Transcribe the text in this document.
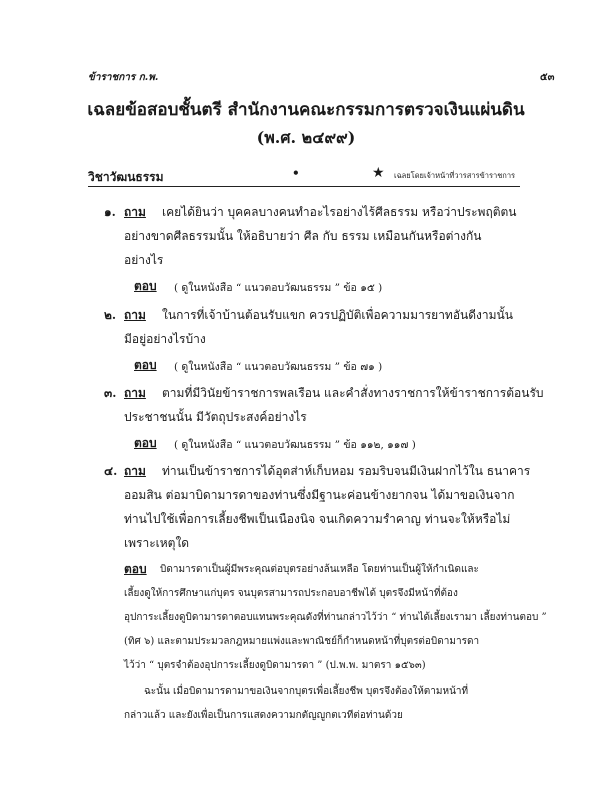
ข้าราชการ ก.พ.	๕๓
เฉลยข้อสอบชั้นตรี สำนักงานคณะกรรมการตรวจเงินแผ่นดิน
(พ.ศ. ๒๔๙๙)
วิชาวัฒนธรรม	•	★ เฉลยโดยเจ้าหน้าที่วารสารข้าราชการ
๑. ถาม เคยได้ยินว่า บุคคลบางคนทำอะไรอย่างไร้ศีลธรรม หรือว่าประพฤติตน
อย่างขาดศีลธรรมนั้น ให้อธิบายว่า ศีล กับ ธรรม เหมือนกันหรือต่างกัน
อย่างไร
ตอบ ( ดูในหนังสือ “ แนวตอบวัฒนธรรม ” ข้อ ๑๕ )
๒. ถาม ในการที่เจ้าบ้านต้อนรับแขก ควรปฏิบัติเพื่อความมารยาทอันดีงามนั้น
มีอยู่อย่างไรบ้าง
ตอบ ( ดูในหนังสือ “ แนวตอบวัฒนธรรม ” ข้อ ๗๑ )
๓. ถาม ตามที่มีวินัยข้าราชการพลเรือน และคำสั่งทางราชการให้ข้าราชการต้อนรับ
ประชาชนนั้น มีวัตถุประสงค์อย่างไร
ตอบ ( ดูในหนังสือ “ แนวตอบวัฒนธรรม ” ข้อ ๑๑๒, ๑๑๗ )
๔. ถาม ท่านเป็นข้าราชการได้อุตส่าห์เก็บหอม รอมริบจนมีเงินฝากไว้ใน ธนาคาร
ออมสิน ต่อมาบิดามารดาของท่านซึ่งมีฐานะค่อนข้างยากจน ได้มาขอเงินจาก
ท่านไปใช้เพื่อการเลี้ยงชีพเป็นเนืองนิจ จนเกิดความรำคาญ ท่านจะให้หรือไม่
เพราะเหตุใด
ตอบ บิดามารดาเป็นผู้มีพระคุณต่อบุตรอย่างล้นเหลือ โดยท่านเป็นผู้ให้กำเนิดและ
เลี้ยงดูให้การศึกษาแก่บุตร จนบุตรสามารถประกอบอาชีพได้ บุตรจึงมีหน้าที่ต้อง
อุปการะเลี้ยงดูบิดามารดาตอบแทนพระคุณดังที่ท่านกล่าวไว้ว่า “ ท่านได้เลี้ยงเรามา เลี้ยงท่านตอบ ”
(ทิศ ๖) และตามประมวลกฎหมายแพ่งและพาณิชย์ก็กำหนดหน้าที่บุตรต่อบิดามารดา
ไว้ว่า “ บุตรจำต้องอุปการะเลี้ยงดูบิดามารดา ” (ป.พ.พ. มาตรา ๑๕๖๓)
ฉะนั้น เมื่อบิดามารดามาขอเงินจากบุตรเพื่อเลี้ยงชีพ บุตรจึงต้องให้ตามหน้าที่
กล่าวแล้ว และยังเพื่อเป็นการแสดงความกตัญญูกตเวทีต่อท่านด้วย
